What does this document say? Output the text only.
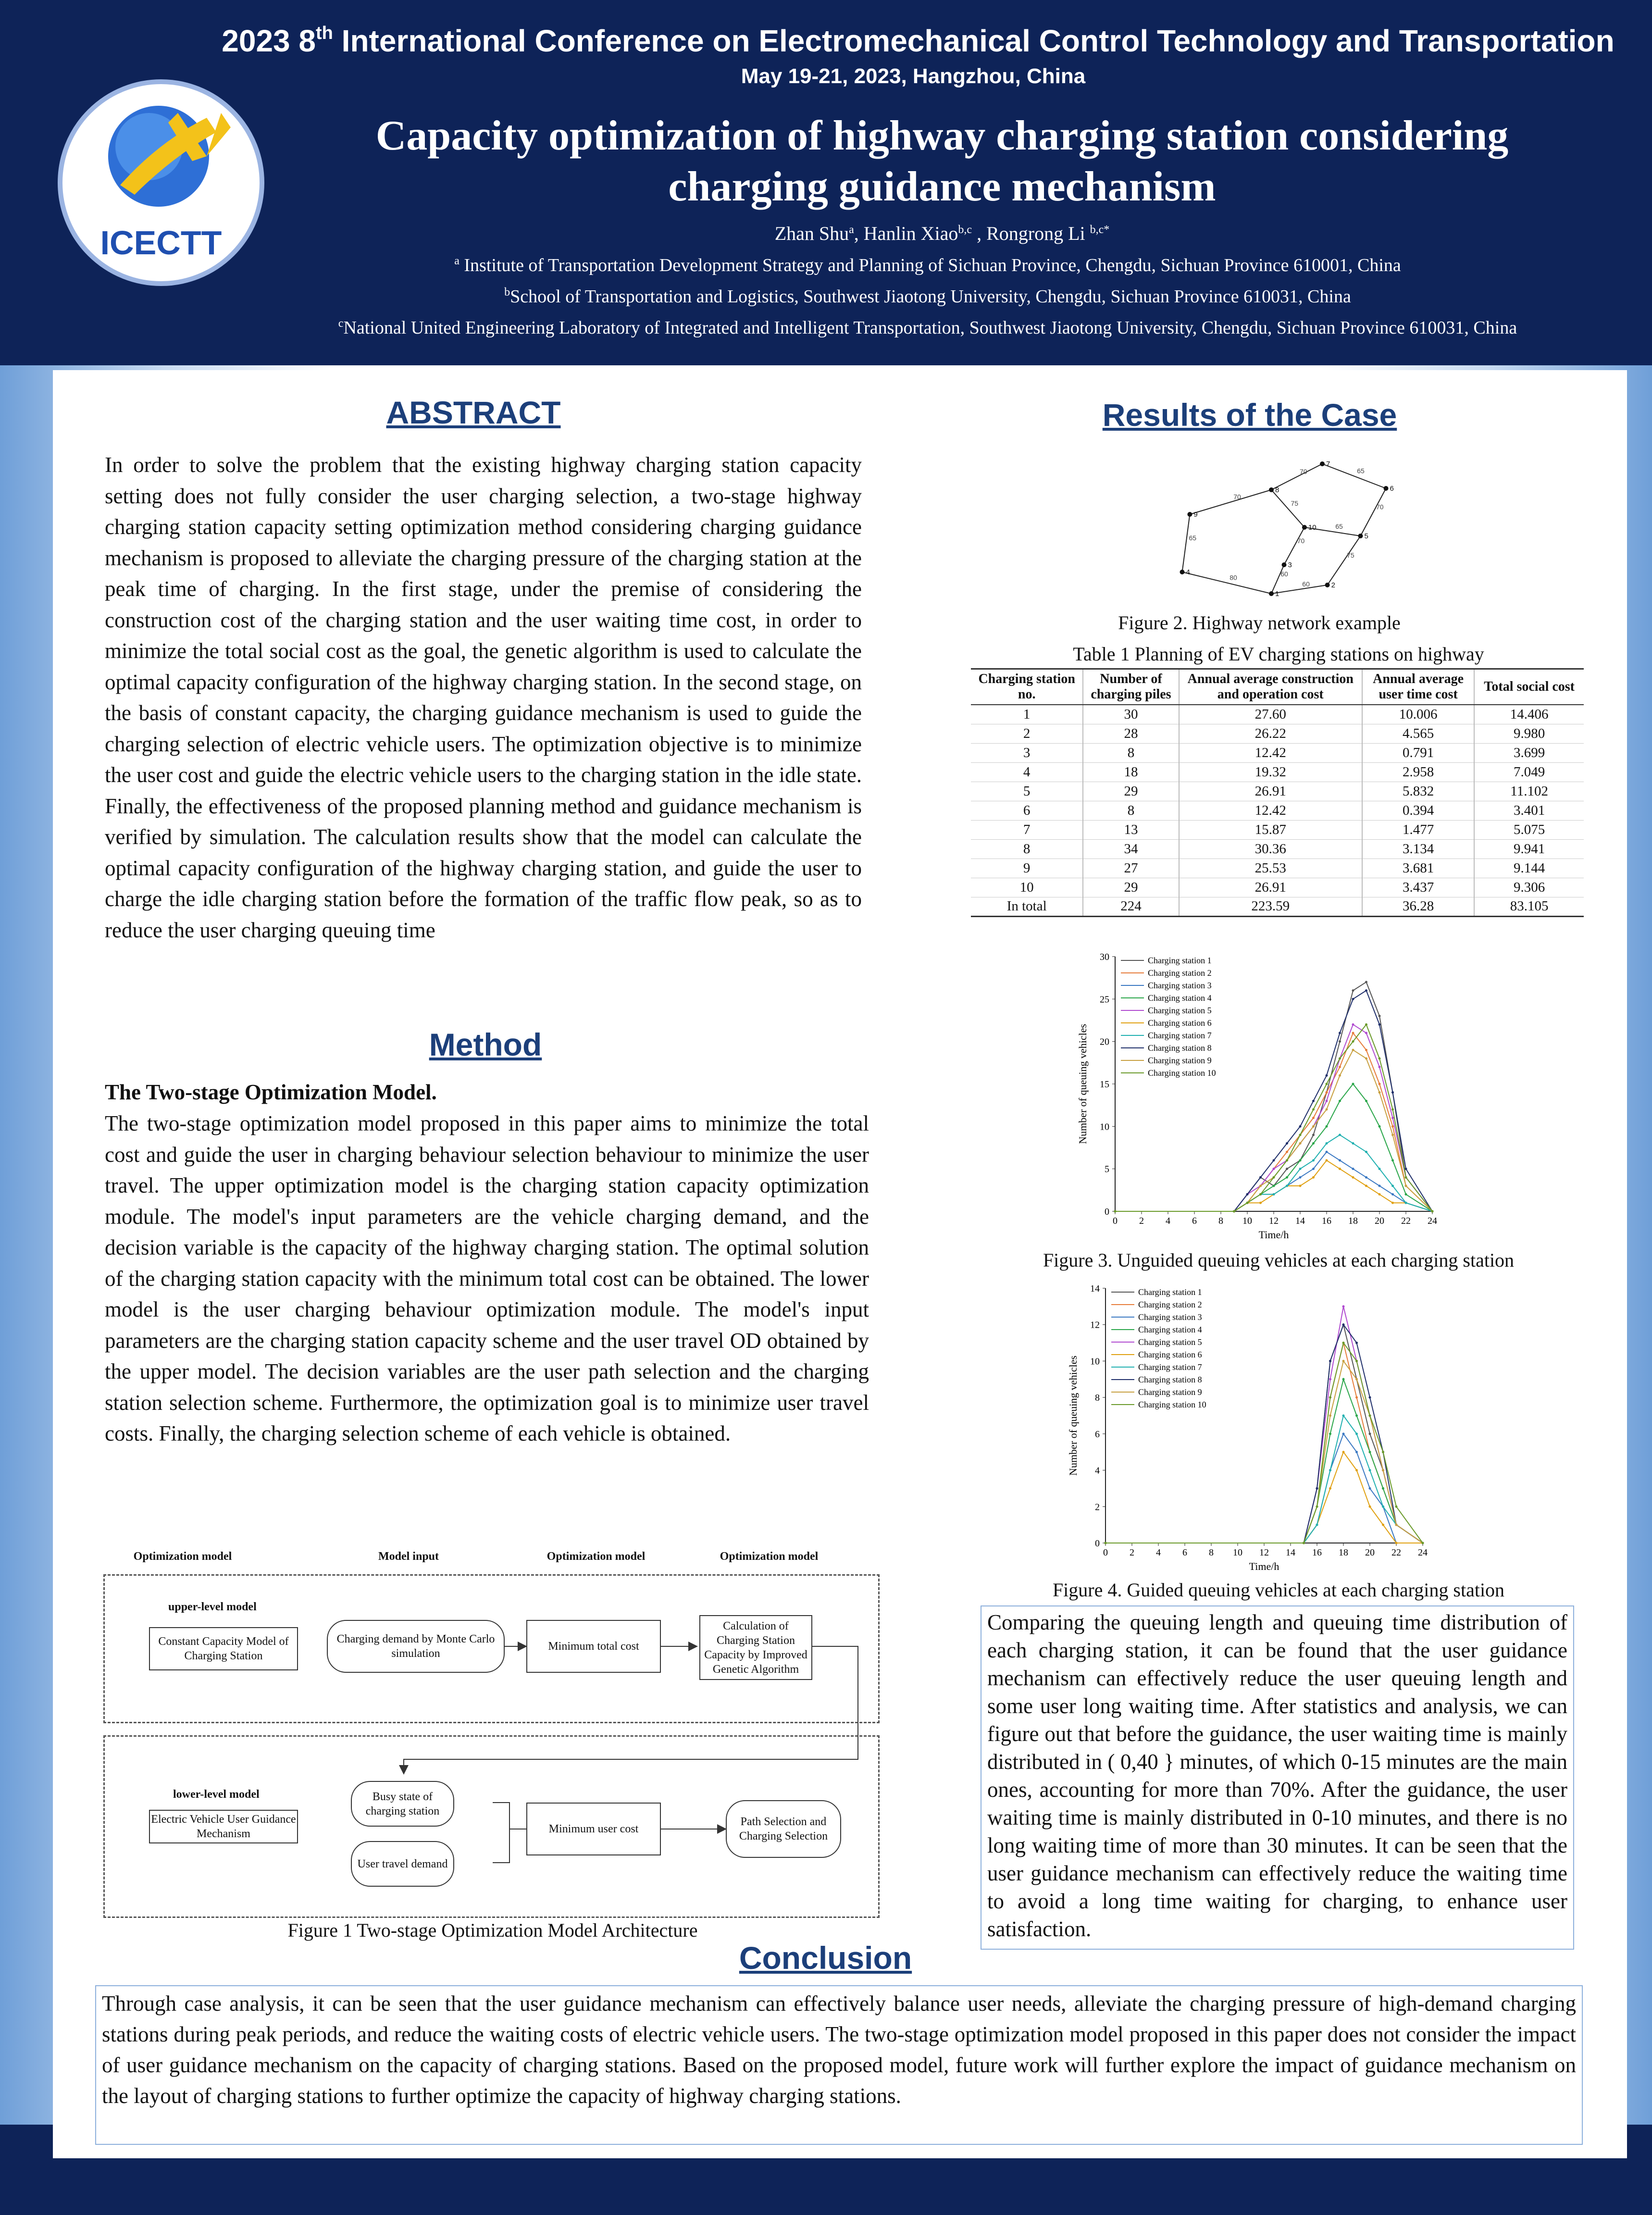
2023 8th International Conference on Electromechanical Control Technology and Transportation
May 19-21, 2023, Hangzhou, China
ICECTT
Capacity optimization of highway charging station considering
charging guidance mechanism
Zhan Shu$^a$, Hanlin Xiao$^{b,c}$ , Rongrong Li $^{b,c*}$
$^a$ Institute of Transportation Development Strategy and Planning of Sichuan Province, Chengdu, Sichuan Province 610001, China
$^b$School of Transportation and Logistics, Southwest Jiaotong University, Chengdu, Sichuan Province 610031, China
$^c$National United Engineering Laboratory of Integrated and Intelligent Transportation, Southwest Jiaotong University, Chengdu, Sichuan Province 610031, China
ABSTRACT
In order to solve the problem that the existing highway charging station capacity setting does not fully consider the user charging selection, a two-stage highway charging station capacity setting optimization method considering charging guidance mechanism is proposed to alleviate the charging pressure of the charging station at the peak time of charging. In the first stage, under the premise of considering the construction cost of the charging station and the user waiting time cost, in order to minimize the total social cost as the goal, the genetic algorithm is used to calculate the optimal capacity configuration of the highway charging station. In the second stage, on the basis of constant capacity, the charging guidance mechanism is used to guide the charging selection of electric vehicle users. The optimization objective is to minimize the user cost and guide the electric vehicle users to the charging station in the idle state. Finally, the effectiveness of the proposed planning method and guidance mechanism is verified by simulation. The calculation results show that the model can calculate the optimal capacity configuration of the highway charging station, and guide the user to charge the idle charging station before the formation of the traffic flow peak, so as to reduce the user charging queuing time
Method
The Two-stage Optimization Model.
The two-stage optimization model proposed in this paper aims to minimize the total cost and guide the user in charging behaviour selection behaviour to minimize the user travel. The upper optimization model is the charging station capacity optimization module. The model's input parameters are the vehicle charging demand, and the decision variable is the capacity of the highway charging station. The optimal solution of the charging station capacity with the minimum total cost can be obtained. The lower model is the user charging behaviour optimization module. The model's input parameters are the charging station capacity scheme and the user travel OD obtained by the upper model. The decision variables are the user path selection and the charging station selection scheme. Furthermore, the optimization goal is to minimize user travel costs. Finally, the charging selection scheme of each vehicle is obtained.
Optimization model	Model input	Optimization model	Optimization model
upper-level model
Constant Capacity Model of Charging Station
Charging demand by Monte Carlo simulation
Minimum total cost
Calculation of Charging Station Capacity by Improved Genetic Algorithm
lower-level model
Electric Vehicle User Guidance Mechanism
Busy state of charging station
User travel demand
Minimum user cost
Path Selection and Charging Selection
Figure 1 Two-stage Optimization Model Architecture
Results of the Case
80	60
60
75
70
65
70
70	65
70
75
65
1
2
3
4
5
6
7
8
9
10
Figure 2. Highway network example
Table 1 Planning of EV charging stations on highway
Charging station no.	Number of charging piles	Annual average construction and operation cost	Annual average user time cost	Total social cost
1	30	27.60	10.006	14.406
2	28	26.22	4.565	9.980
3	8	12.42	0.791	3.699
4	18	19.32	2.958	7.049
5	29	26.91	5.832	11.102
6	8	12.42	0.394	3.401
7	13	15.87	1.477	5.075
8	34	30.36	3.134	9.941
9	27	25.53	3.681	9.144
10	29	26.91	3.437	9.306
In total	224	223.59	36.28	83.105
0 2 4 6 8 10 12 14 16 18 20 22 24
0
5
10
15
20
25
30
Time/h
Number of queuing vehicles
Charging station 1
Charging station 2
Charging station 3
Charging station 4
Charging station 5
Charging station 6
Charging station 7
Charging station 8
Charging station 9
Charging station 10
Figure 3. Unguided queuing vehicles at each charging station
0 2 4 6 8 10 12 14 16 18 20 22 24
0
2
4
6
8
10
12
14
Time/h
Number of queuing vehicles
Charging station 1
Charging station 2
Charging station 3
Charging station 4
Charging station 5
Charging station 6
Charging station 7
Charging station 8
Charging station 9
Charging station 10
Figure 4. Guided queuing vehicles at each charging station
Comparing the queuing length and queuing time distribution of each charging station, it can be found that the user guidance mechanism can effectively reduce the user queuing length and some user long waiting time. After statistics and analysis, we can figure out that before the guidance, the user waiting time is mainly distributed in ( 0,40 } minutes, of which 0-15 minutes are the main ones, accounting for more than 70%. After the guidance, the user waiting time is mainly distributed in 0-10 minutes, and there is no long waiting time of more than 30 minutes. It can be seen that the user guidance mechanism can effectively reduce the waiting time to avoid a long time waiting for charging, to enhance user satisfaction.
Conclusion
Through case analysis, it can be seen that the user guidance mechanism can effectively balance user needs, alleviate the charging pressure of high-demand charging stations during peak periods, and reduce the waiting costs of electric vehicle users. The two-stage optimization model proposed in this paper does not consider the impact of user guidance mechanism on the capacity of charging stations. Based on the proposed model, future work will further explore the impact of guidance mechanism on the layout of charging stations to further optimize the capacity of highway charging stations.
